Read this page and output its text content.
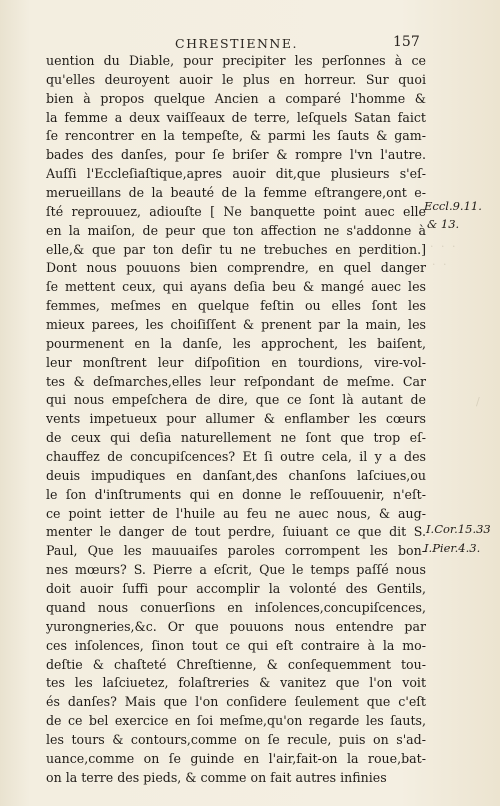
CHRESTIENNE.	157
uention du Diable, pour precipiter les perſonnes à ce
qu'elles deuroyent auoir le plus en horreur. Sur quoi
bien à propos quelque Ancien a comparé l'homme &
la femme a deux vaiſſeaux de terre, leſquels Satan faict
ſe rencontrer en la tempeſte, & parmi les ſauts & gam-
bades des danſes, pour ſe briſer & rompre l'vn l'autre.
Auſſi l'Eccleſiaſtique,apres auoir dit,que plusieurs s'eſ-
merueillans de la beauté de la femme eſtrangere,ont e-
ſté reprouuez, adiouſte [ Ne banquette point auec elle
en la maiſon, de peur que ton affection ne s'addonne à
elle,& que par ton deſir tu ne trebuches en perdition.]
Dont nous pouuons bien comprendre, en quel danger
ſe mettent ceux, qui ayans deſia beu & mangé auec les
femmes, meſmes en quelque feſtin ou elles ſont les
mieux parees, les choiſiſſent & prenent par la main, les
pourmenent en la danſe, les approchent, les baiſent,
leur monſtrent leur diſpoſition en tourdions, vire-vol-
tes & deſmarches,elles leur reſpondant de meſme. Car
qui nous empeſchera de dire, que ce ſont là autant de
vents impetueux pour allumer & enflamber les cœurs
de ceux qui deſia naturellement ne ſont que trop eſ-
chauffez de concupiſcences? Et ſi outre cela, il y a des
deuis impudiques en danſant,des chanſons laſciues,ou
le ſon d'inſtruments qui en donne le reſſouuenir, n'eſt-
ce point ietter de l'huile au feu ne auec nous, & aug-
menter le danger de tout perdre, ſuiuant ce que dit S.
Paul, Que les mauuaiſes paroles corrompent les bon-
nes mœurs? S. Pierre a eſcrit, Que le temps paſſé nous
doit auoir ſuffi pour accomplir la volonté des Gentils,
quand nous conuerſions en inſolences,concupiſcences,
yurongneries,&c. Or que pouuons nous entendre par
ces inſolences, ſinon tout ce qui eſt contraire à la mo-
deſtie & chaſteté Chreſtienne, & conſequemment tou-
tes les laſciuetez, folaſtreries & vanitez que l'on voit
és danſes? Mais que l'on conſidere ſeulement que c'eſt
de ce bel exercice en ſoi meſme,qu'on regarde les ſauts,
les tours & contours,comme on ſe recule, puis on s'ad-
uance,comme on ſe guinde en l'air,fait-on la roue,bat-
on la terre des pieds, & comme on fait autres infinies
Eccl.9.11.
& 13.
I.Cor.15.33
I.Pier.4.3.
· · ·
· ·
/
